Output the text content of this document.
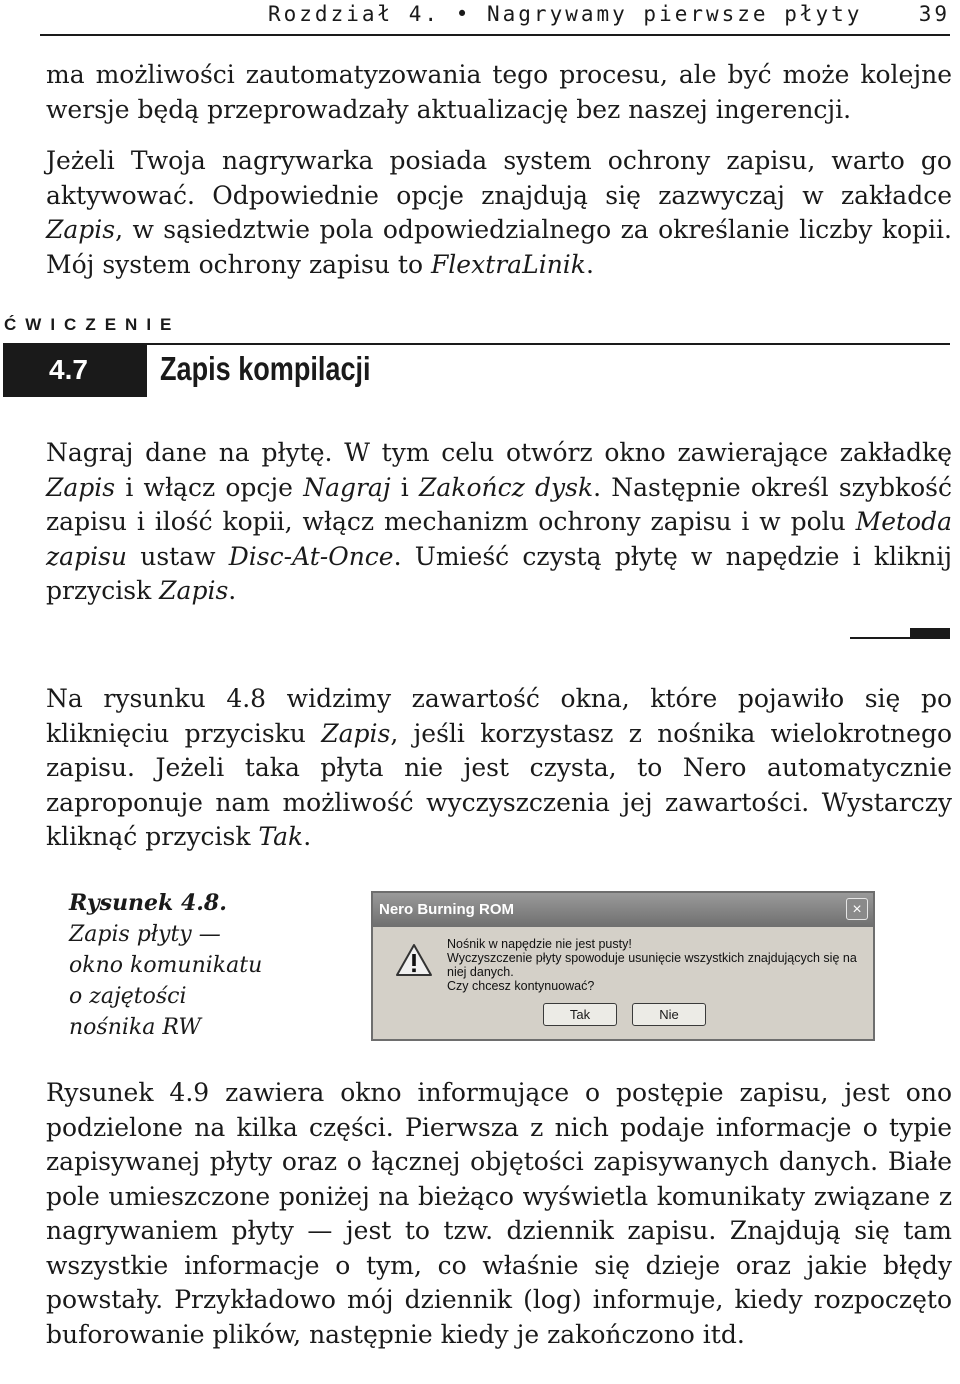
Rozdział 4. • Nagrywamy pierwsze płyty	39

ma możliwości zautomatyzowania tego procesu, ale być może kolejne wersje będą przeprowadzały aktualizację bez naszej ingerencji.

Jeżeli Twoja nagrywarka posiada system ochrony zapisu, warto go aktywować. Odpowiednie opcje znajdują się zazwyczaj w zakładce Zapis, w sąsiedztwie pola odpowiedzialnego za określanie liczby kopii. Mój system ochrony zapisu to FlextraLinik.

ĆWICZENIE
4.7	Zapis kompilacji

Nagraj dane na płytę. W tym celu otwórz okno zawierające zakładkę Zapis i włącz opcje Nagraj i Zakończ dysk. Następnie określ szybkość zapisu i ilość kopii, włącz mechanizm ochrony zapisu i w polu Metoda zapisu ustaw Disc-At-Once. Umieść czystą płytę w napędzie i kliknij przycisk Zapis.

Na rysunku 4.8 widzimy zawartość okna, które pojawiło się po kliknięciu przycisku Zapis, jeśli korzystasz z nośnika wielokrotnego zapisu. Jeżeli taka płyta nie jest czysta, to Nero automatycznie zaproponuje nam możliwość wyczyszczenia jej zawartości. Wystarczy kliknąć przycisk Tak.

Rysunek 4.8.
Zapis płyty —
okno komunikatu
o zajętości
nośnika RW
Nero Burning ROM	×
Nośnik w napędzie nie jest pusty!
Wyczyszczenie płyty spowoduje usunięcie wszystkich znajdujących się na niej danych.
Czy chcesz kontynuować?
Tak	Nie

Rysunek 4.9 zawiera okno informujące o postępie zapisu, jest ono podzielone na kilka części. Pierwsza z nich podaje informacje o typie zapisywanej płyty oraz o łącznej objętości zapisywanych danych. Białe pole umieszczone poniżej na bieżąco wyświetla komunikaty związane z nagrywaniem płyty — jest to tzw. dziennik zapisu. Znajdują się tam wszystkie informacje o tym, co właśnie się dzieje oraz jakie błędy powstały. Przykładowo mój dziennik (log) informuje, kiedy rozpoczęto buforowanie plików, następnie kiedy je zakończono itd.
